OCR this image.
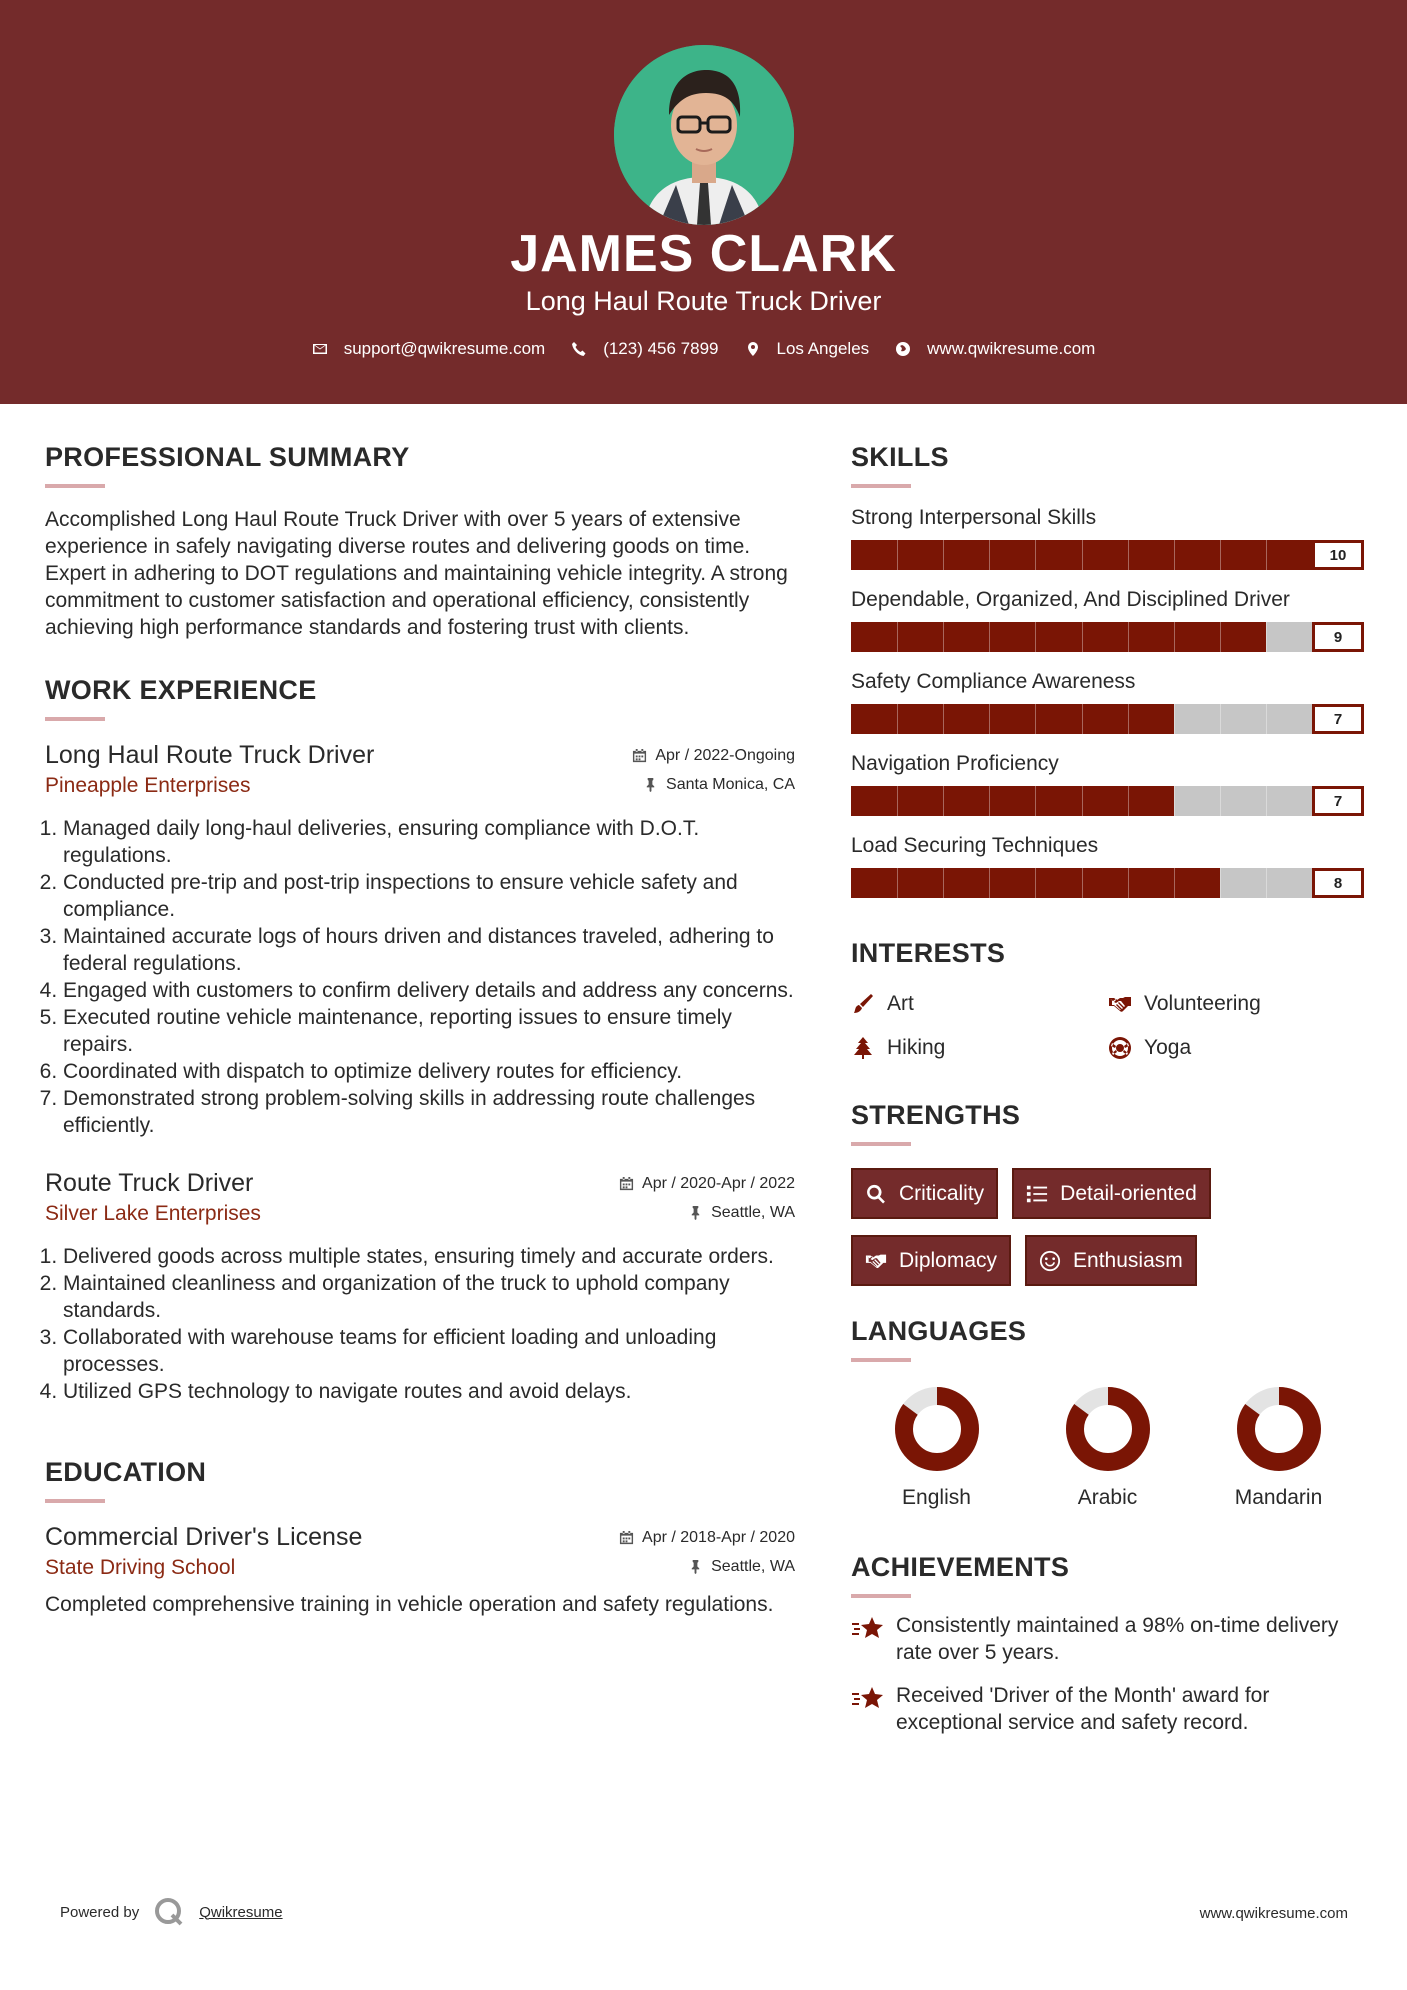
JAMES CLARK
Long Haul Route Truck Driver
support@qwikresume.com	(123) 456 7899	Los Angeles	www.qwikresume.com
PROFESSIONAL SUMMARY
Accomplished Long Haul Route Truck Driver with over 5 years of extensive experience in safely navigating diverse routes and delivering goods on time. Expert in adhering to DOT regulations and maintaining vehicle integrity. A strong commitment to customer satisfaction and operational efficiency, consistently achieving high performance standards and fostering trust with clients.
WORK EXPERIENCE
Long Haul Route Truck Driver	Apr / 2022-Ongoing
Pineapple Enterprises	Santa Monica, CA
1. Managed daily long-haul deliveries, ensuring compliance with D.O.T. regulations.
2. Conducted pre-trip and post-trip inspections to ensure vehicle safety and compliance.
3. Maintained accurate logs of hours driven and distances traveled, adhering to federal regulations.
4. Engaged with customers to confirm delivery details and address any concerns.
5. Executed routine vehicle maintenance, reporting issues to ensure timely repairs.
6. Coordinated with dispatch to optimize delivery routes for efficiency.
7. Demonstrated strong problem-solving skills in addressing route challenges efficiently.
Route Truck Driver	Apr / 2020-Apr / 2022
Silver Lake Enterprises	Seattle, WA
1. Delivered goods across multiple states, ensuring timely and accurate orders.
2. Maintained cleanliness and organization of the truck to uphold company standards.
3. Collaborated with warehouse teams for efficient loading and unloading processes.
4. Utilized GPS technology to navigate routes and avoid delays.
EDUCATION
Commercial Driver's License	Apr / 2018-Apr / 2020
State Driving School	Seattle, WA
Completed comprehensive training in vehicle operation and safety regulations.
SKILLS
Strong Interpersonal Skills
10
Dependable, Organized, And Disciplined Driver
9
Safety Compliance Awareness
7
Navigation Proficiency
7
Load Securing Techniques
8
INTERESTS
Art	Volunteering
Hiking	Yoga
STRENGTHS
Criticality	Detail-oriented
Diplomacy	Enthusiasm
LANGUAGES
English	Arabic	Mandarin
ACHIEVEMENTS
Consistently maintained a 98% on-time delivery rate over 5 years.
Received 'Driver of the Month' award for exceptional service and safety record.
Powered by	Qwikresume	www.qwikresume.com
